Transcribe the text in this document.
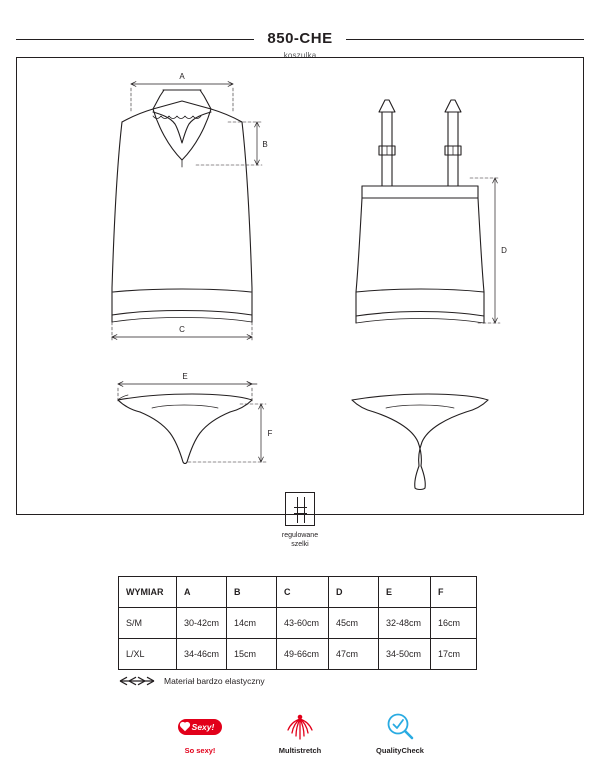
850-CHE
koszulka
A
B
C
D
E
F
regulowane
szelki
WYMIAR	A	B	C	D	E	F
S/M	30-42cm	14cm	43-60cm	45cm	32-48cm	16cm
L/XL	34-46cm	15cm	49-66cm	47cm	34-50cm	17cm
Materiał bardzo elastyczny
Sexy!
So sexy!	Multistretch	QualityCheck
